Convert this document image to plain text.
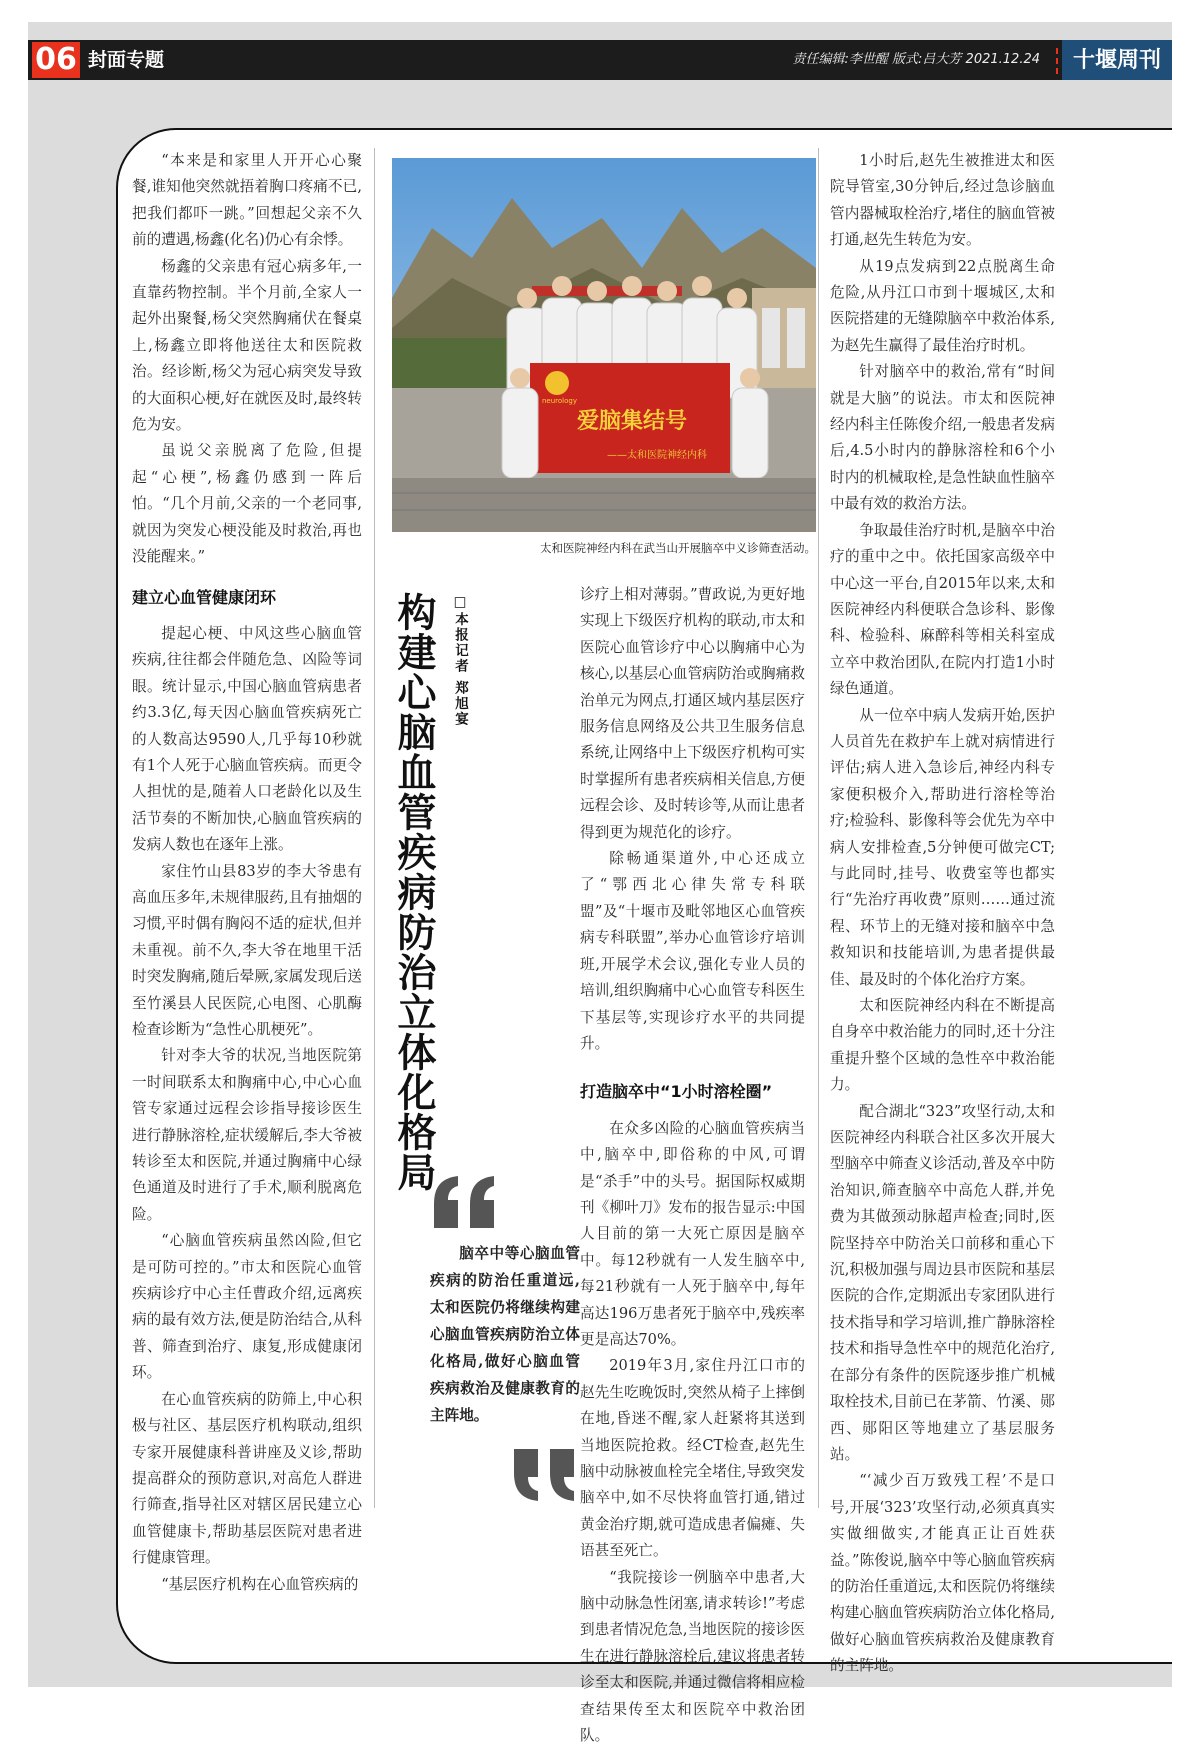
06 封面专题	责任编辑:李世醒 版式:吕大芳 2021.12.24	十堰周刊

“本来是和家里人开开心心聚餐,谁知他突然就捂着胸口疼痛不已,把我们都吓一跳。”回想起父亲不久前的遭遇,杨鑫(化名)仍心有余悸。

杨鑫的父亲患有冠心病多年,一直靠药物控制。半个月前,全家人一起外出聚餐,杨父突然胸痛伏在餐桌上,杨鑫立即将他送往太和医院救治。经诊断,杨父为冠心病突发导致的大面积心梗,好在就医及时,最终转危为安。

虽说父亲脱离了危险,但提起“心梗”,杨鑫仍感到一阵后怕。“几个月前,父亲的一个老同事,就因为突发心梗没能及时救治,再也没能醒来。”

建立心血管健康闭环

提起心梗、中风这些心脑血管疾病,往往都会伴随危急、凶险等词眼。统计显示,中国心脑血管病患者约3.3亿,每天因心脑血管疾病死亡的人数高达9590人,几乎每10秒就有1个人死于心脑血管疾病。而更令人担忧的是,随着人口老龄化以及生活节奏的不断加快,心脑血管疾病的发病人数也在逐年上涨。

家住竹山县83岁的李大爷患有高血压多年,未规律服药,且有抽烟的习惯,平时偶有胸闷不适的症状,但并未重视。前不久,李大爷在地里干活时突发胸痛,随后晕厥,家属发现后送至竹溪县人民医院,心电图、心肌酶检查诊断为“急性心肌梗死”。

针对李大爷的状况,当地医院第一时间联系太和胸痛中心,中心心血管专家通过远程会诊指导接诊医生进行静脉溶栓,症状缓解后,李大爷被转诊至太和医院,并通过胸痛中心绿色通道及时进行了手术,顺利脱离危险。

“心脑血管疾病虽然凶险,但它是可防可控的。”市太和医院心血管疾病诊疗中心主任曹政介绍,远离疾病的最有效方法,便是防治结合,从科普、筛查到治疗、康复,形成健康闭环。

在心血管疾病的防筛上,中心积极与社区、基层医疗机构联动,组织专家开展健康科普讲座及义诊,帮助提高群众的预防意识,对高危人群进行筛查,指导社区对辖区居民建立心血管健康卡,帮助基层医院对患者进行健康管理。

“基层医疗机构在心血管疾病的

爱脑集结号
——太和医院神经内科
neurology
太和医院神经内科在武当山开展脑卒中义诊筛查活动。
构建心脑血管疾病防治立体化格局	□本报记者 郑旭宴

脑卒中等心脑血管疾病的防治任重道远,太和医院仍将继续构建心脑血管疾病防治立体化格局,做好心脑血管疾病救治及健康教育的主阵地。

诊疗上相对薄弱。”曹政说,为更好地实现上下级医疗机构的联动,市太和医院心血管诊疗中心以胸痛中心为核心,以基层心血管病防治或胸痛救治单元为网点,打通区域内基层医疗服务信息网络及公共卫生服务信息系统,让网络中上下级医疗机构可实时掌握所有患者疾病相关信息,方便远程会诊、及时转诊等,从而让患者得到更为规范化的诊疗。

除畅通渠道外,中心还成立了“鄂西北心律失常专科联盟”及“十堰市及毗邻地区心血管疾病专科联盟”,举办心血管诊疗培训班,开展学术会议,强化专业人员的培训,组织胸痛中心心血管专科医生下基层等,实现诊疗水平的共同提升。

打造脑卒中“1小时溶栓圈”

在众多凶险的心脑血管疾病当中,脑卒中,即俗称的中风,可谓是“杀手”中的头号。据国际权威期刊《柳叶刀》发布的报告显示:中国人目前的第一大死亡原因是脑卒中。每12秒就有一人发生脑卒中,每21秒就有一人死于脑卒中,每年高达196万患者死于脑卒中,残疾率更是高达70%。

2019年3月,家住丹江口市的赵先生吃晚饭时,突然从椅子上摔倒在地,昏迷不醒,家人赶紧将其送到当地医院抢救。经CT检查,赵先生脑中动脉被血栓完全堵住,导致突发脑卒中,如不尽快将血管打通,错过黄金治疗期,就可造成患者偏瘫、失语甚至死亡。

“我院接诊一例脑卒中患者,大脑中动脉急性闭塞,请求转诊!”考虑到患者情况危急,当地医院的接诊医生在进行静脉溶栓后,建议将患者转诊至太和医院,并通过微信将相应检查结果传至太和医院卒中救治团队。

1小时后,赵先生被推进太和医院导管室,30分钟后,经过急诊脑血管内器械取栓治疗,堵住的脑血管被打通,赵先生转危为安。

从19点发病到22点脱离生命危险,从丹江口市到十堰城区,太和医院搭建的无缝隙脑卒中救治体系,为赵先生赢得了最佳治疗时机。

针对脑卒中的救治,常有“时间就是大脑”的说法。市太和医院神经内科主任陈俊介绍,一般患者发病后,4.5小时内的静脉溶栓和6个小时内的机械取栓,是急性缺血性脑卒中最有效的救治方法。

争取最佳治疗时机,是脑卒中治疗的重中之中。依托国家高级卒中中心这一平台,自2015年以来,太和医院神经内科便联合急诊科、影像科、检验科、麻醉科等相关科室成立卒中救治团队,在院内打造1小时绿色通道。

从一位卒中病人发病开始,医护人员首先在救护车上就对病情进行评估;病人进入急诊后,神经内科专家便积极介入,帮助进行溶栓等治疗;检验科、影像科等会优先为卒中病人安排检查,5分钟便可做完CT;与此同时,挂号、收费室等也都实行“先治疗再收费”原则……通过流程、环节上的无缝对接和脑卒中急救知识和技能培训,为患者提供最佳、最及时的个体化治疗方案。

太和医院神经内科在不断提高自身卒中救治能力的同时,还十分注重提升整个区域的急性卒中救治能力。

配合湖北“323”攻坚行动,太和医院神经内科联合社区多次开展大型脑卒中筛查义诊活动,普及卒中防治知识,筛查脑卒中高危人群,并免费为其做颈动脉超声检查;同时,医院坚持卒中防治关口前移和重心下沉,积极加强与周边县市医院和基层医院的合作,定期派出专家团队进行技术指导和学习培训,推广静脉溶栓技术和指导急性卒中的规范化治疗,在部分有条件的医院逐步推广机械取栓技术,目前已在茅箭、竹溪、郧西、郧阳区等地建立了基层服务站。

“‘减少百万致残工程’不是口号,开展‘323’攻坚行动,必须真真实实做细做实,才能真正让百姓获益。”陈俊说,脑卒中等心脑血管疾病的防治任重道远,太和医院仍将继续构建心脑血管疾病防治立体化格局,做好心脑血管疾病救治及健康教育的主阵地。
